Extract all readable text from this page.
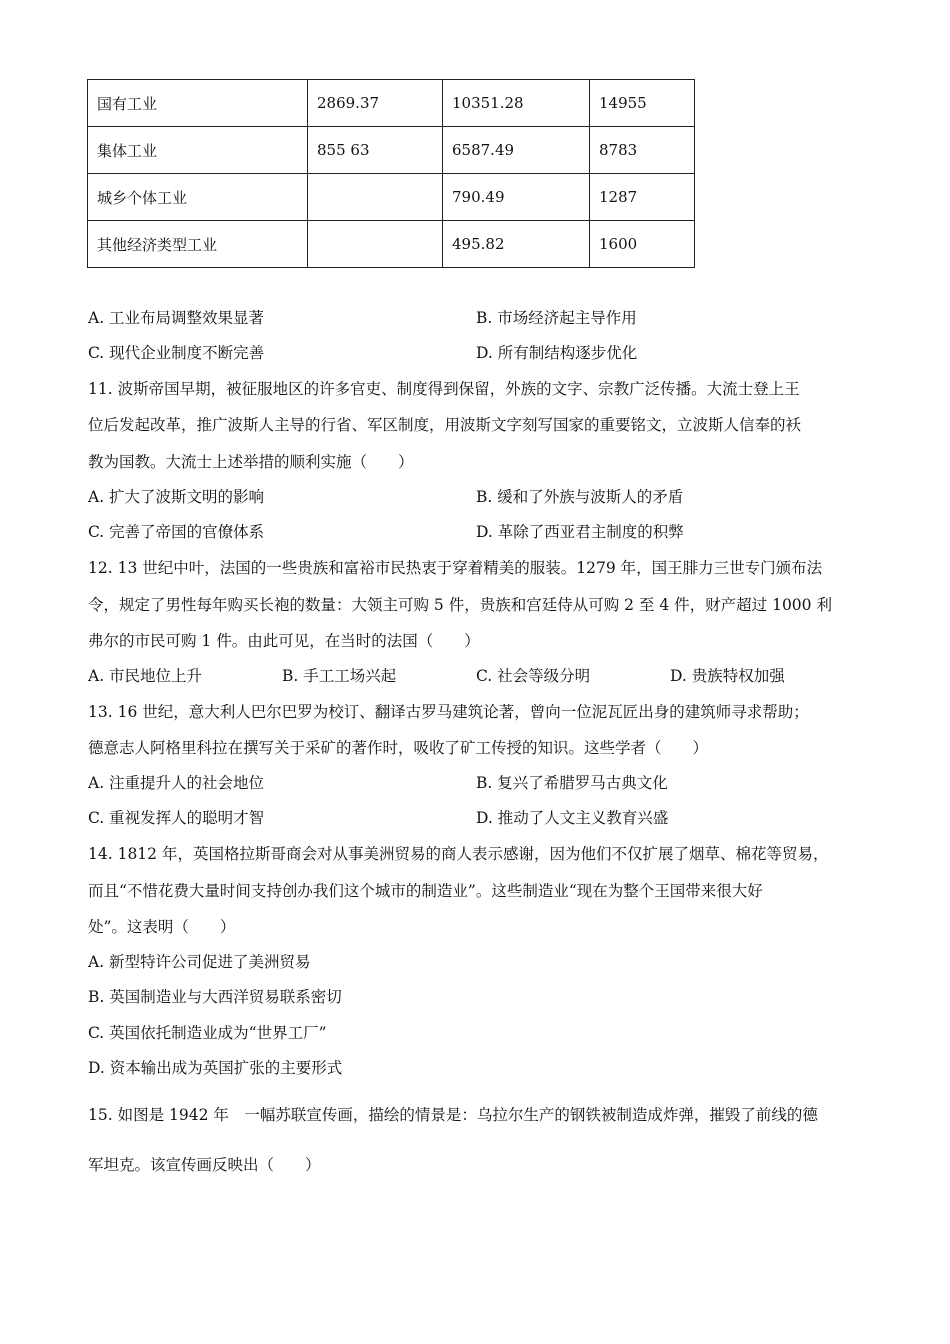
国有工业	2869.37	10351.28	14955
集体工业	855 63	6587.49	8783
城乡个体工业		790.49	1287
其他经济类型工业		495.82	1600
A. 工业布局调整效果显著	B. 市场经济起主导作用
C. 现代企业制度不断完善	D. 所有制结构逐步优化
11. 波斯帝国早期，被征服地区的许多官吏、制度得到保留，外族的文字、宗教广泛传播。大流士登上王
位后发起改革，推广波斯人主导的行省、军区制度，用波斯文字刻写国家的重要铭文，立波斯人信奉的袄
教为国教。大流士上述举措的顺利实施（　　）
A. 扩大了波斯文明的影响	B. 缓和了外族与波斯人的矛盾
C. 完善了帝国的官僚体系	D. 革除了西亚君主制度的积弊
12. 13 世纪中叶，法国的一些贵族和富裕市民热衷于穿着精美的服装。1279 年，国王腓力三世专门颁布法
令，规定了男性每年购买长袍的数量：大领主可购 5 件，贵族和宫廷侍从可购 2 至 4 件，财产超过 1000 利
弗尔的市民可购 1 件。由此可见，在当时的法国（　　）
A. 市民地位上升	B. 手工工场兴起	C. 社会等级分明	D. 贵族特权加强
13. 16 世纪，意大利人巴尔巴罗为校订、翻译古罗马建筑论著，曾向一位泥瓦匠出身的建筑师寻求帮助；
德意志人阿格里科拉在撰写关于采矿的著作时，吸收了矿工传授的知识。这些学者（　　）
A. 注重提升人的社会地位	B. 复兴了希腊罗马古典文化
C. 重视发挥人的聪明才智	D. 推动了人文主义教育兴盛
14. 1812 年，英国格拉斯哥商会对从事美洲贸易的商人表示感谢，因为他们不仅扩展了烟草、棉花等贸易，
而且“不惜花费大量时间支持创办我们这个城市的制造业”。这些制造业“现在为整个王国带来很大好
处”。这表明（　　）
A. 新型特许公司促进了美洲贸易
B. 英国制造业与大西洋贸易联系密切
C. 英国依托制造业成为“世界工厂”
D. 资本输出成为英国扩张的主要形式
15. 如图是 1942 年　一幅苏联宣传画，描绘的情景是：乌拉尔生产的钢铁被制造成炸弹，摧毁了前线的德
军坦克。该宣传画反映出（　　）
